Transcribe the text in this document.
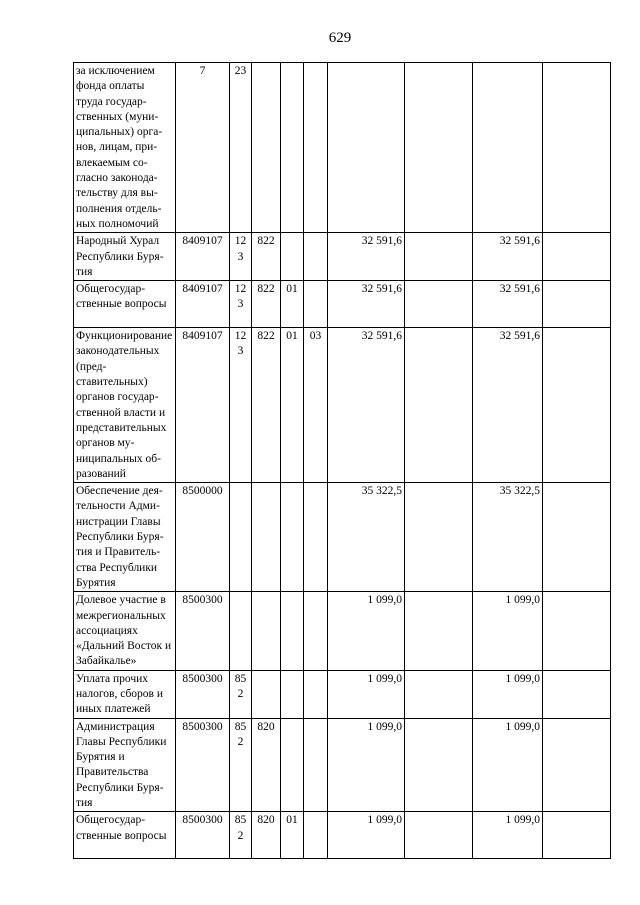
629
за исключением фонда оплаты труда государственных (муниципальных) органов, лицам, привлекаемым согласно законодательству для выполнения отдельных полномочий	7	23							
Народный Хурал Республики Бурятия	8409107	123	822			32 591,6		32 591,6	
Общегосударственные вопросы	8409107	123	822	01		32 591,6		32 591,6	
Функционирование законодательных (представительных) органов государственной власти и представительных органов муниципальных образований	8409107	123	822	01	03	32 591,6		32 591,6	
Обеспечение деятельности Администрации Главы Республики Бурятия и Правительства Республики Бурятия	8500000					35 322,5		35 322,5	
Долевое участие в межрегиональных ассоциациях «Дальний Восток и Забайкалье»	8500300					1 099,0		1 099,0	
Уплата прочих налогов, сборов и иных платежей	8500300	852				1 099,0		1 099,0	
Администрация Главы Республики Бурятия и Правительства Республики Бурятия	8500300	852	820			1 099,0		1 099,0	
Общегосударственные вопросы	8500300	852	820	01		1 099,0		1 099,0	
